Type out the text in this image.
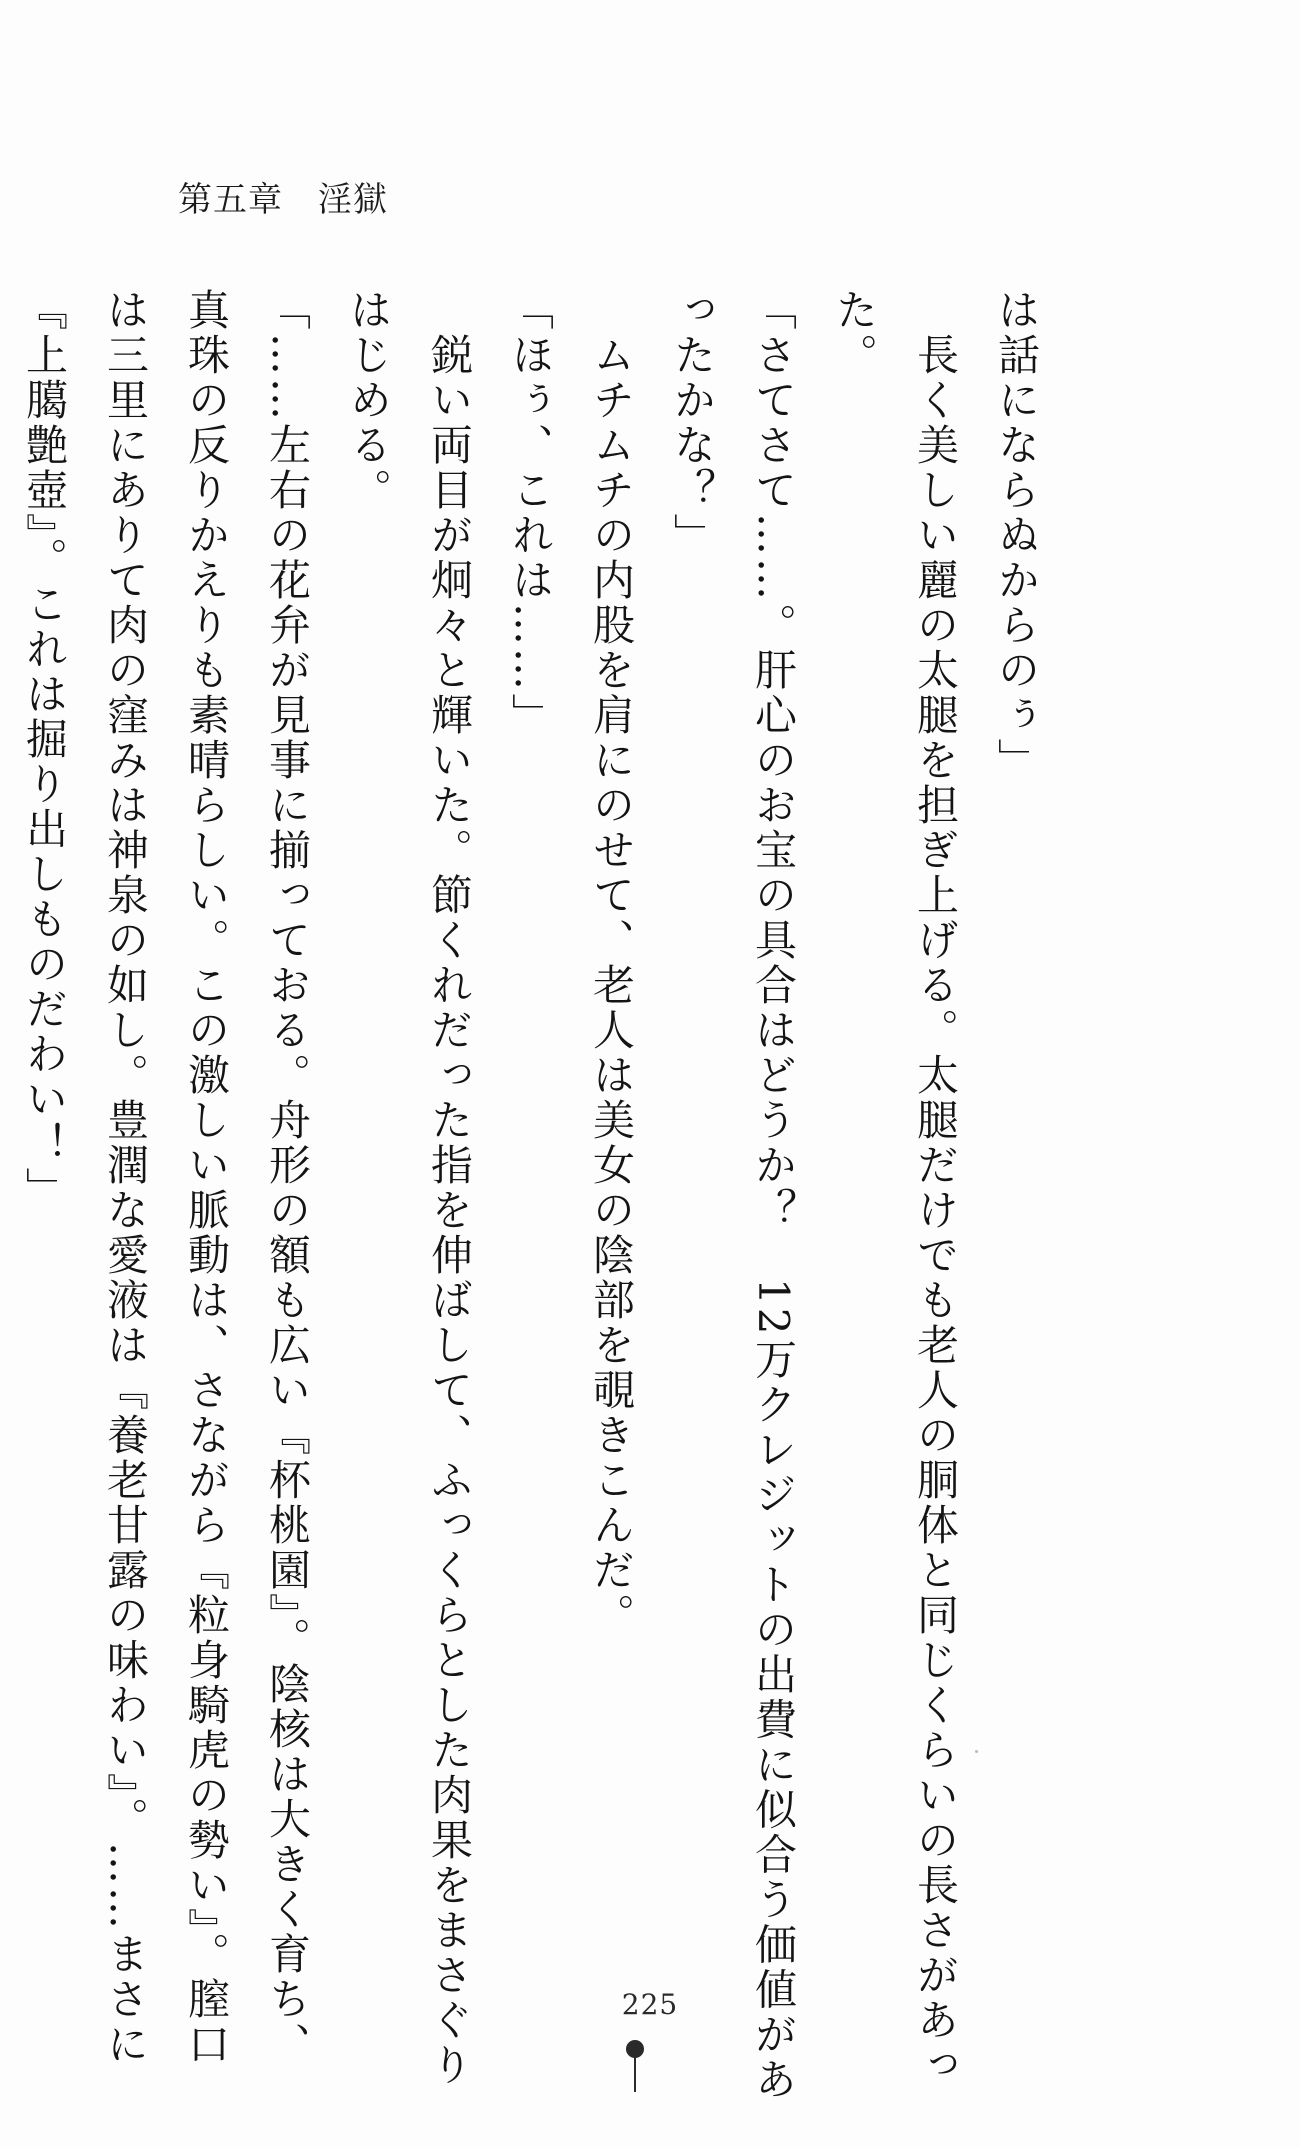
第五章　淫獄
は話にならぬからのぅ」
　長く美しい麗の太腿を担ぎ上げる。太腿だけでも老人の胴体と同じくらいの長さがあっ
た。
「さてさて……。肝心のお宝の具合はどうか？　12万クレジットの出費に似合う価値があ
ったかな？」
　ムチムチの内股を肩にのせて、老人は美女の陰部を覗きこんだ。
「ほぅ、これは……」
　鋭い両目が炯々と輝いた。節くれだった指を伸ばして、ふっくらとした肉果をまさぐり
はじめる。
「……左右の花弁が見事に揃っておる。舟形の額も広い『杯桃園』。陰核は大きく育ち、
真珠の反りかえりも素晴らしい。この激しい脈動は、さながら『粒身騎虎の勢い』。膣口
は三里にありて肉の窪みは神泉の如し。豊潤な愛液は『養老甘露の味わい』。……まさに
『上臈艶壺』。これは掘り出しものだわい！」
225
